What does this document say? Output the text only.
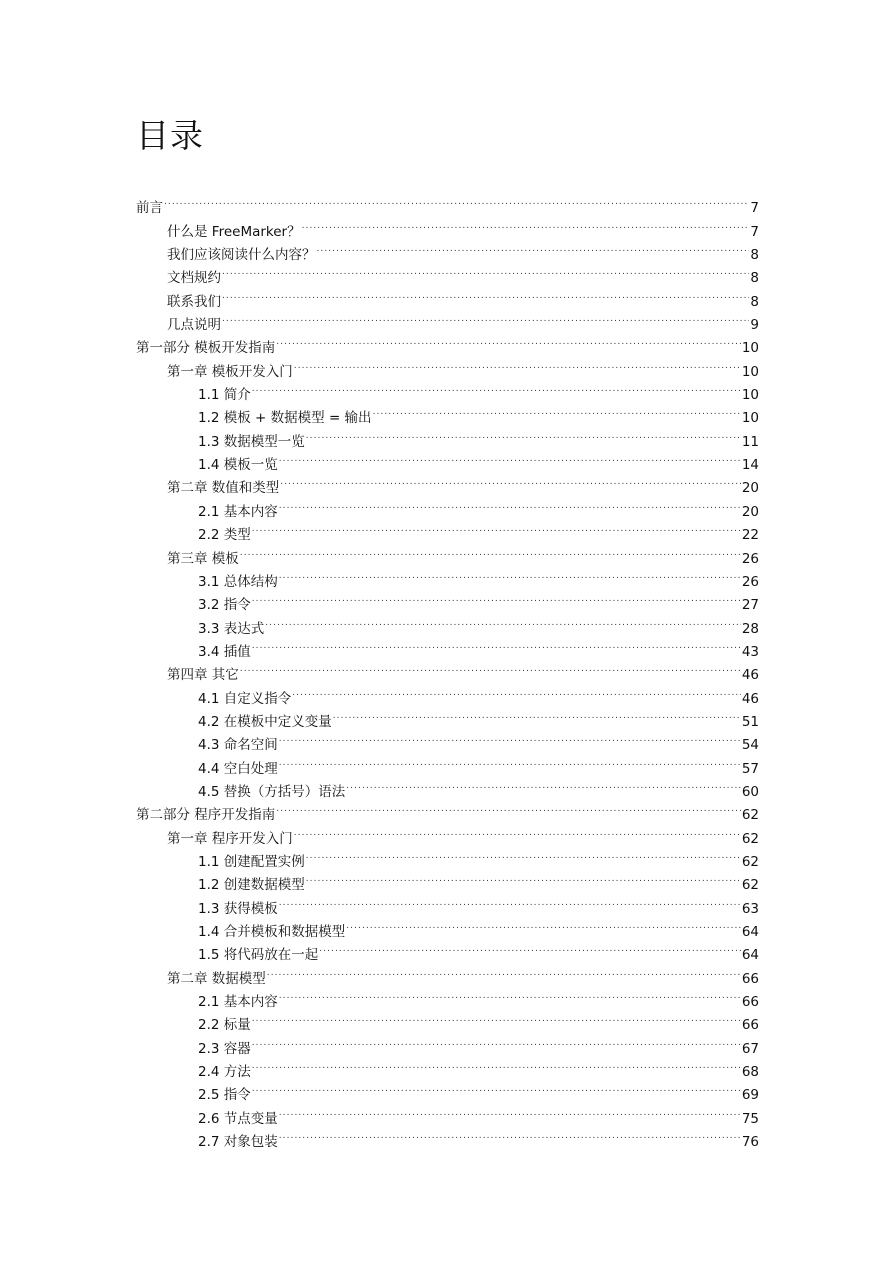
目录
前言 . . .	7
什么是 FreeMarker？ . . .	7
我们应该阅读什么内容？ . . .	8
文档规约 . . .	8
联系我们 . . .	8
几点说明 . . .	9
第一部分 模板开发指南 . . .	10
第一章 模板开发入门 . . .	10
1.1 简介 . . .	10
1.2 模板 + 数据模型 = 输出 . . .	10
1.3 数据模型一览 . . .	11
1.4 模板一览 . . .	14
第二章 数值和类型 . . .	20
2.1 基本内容 . . .	20
2.2 类型 . . .	22
第三章 模板 . . .	26
3.1 总体结构 . . .	26
3.2 指令 . . .	27
3.3 表达式 . . .	28
3.4 插值 . . .	43
第四章 其它 . . .	46
4.1 自定义指令 . . .	46
4.2 在模板中定义变量 . . .	51
4.3 命名空间 . . .	54
4.4 空白处理 . . .	57
4.5 替换（方括号）语法 . . .	60
第二部分 程序开发指南 . . .	62
第一章 程序开发入门 . . .	62
1.1 创建配置实例 . . .	62
1.2 创建数据模型 . . .	62
1.3 获得模板 . . .	63
1.4 合并模板和数据模型 . . .	64
1.5 将代码放在一起 . . .	64
第二章 数据模型 . . .	66
2.1 基本内容 . . .	66
2.2 标量 . . .	66
2.3 容器 . . .	67
2.4 方法 . . .	68
2.5 指令 . . .	69
2.6 节点变量 . . .	75
2.7 对象包装 . . .	76
